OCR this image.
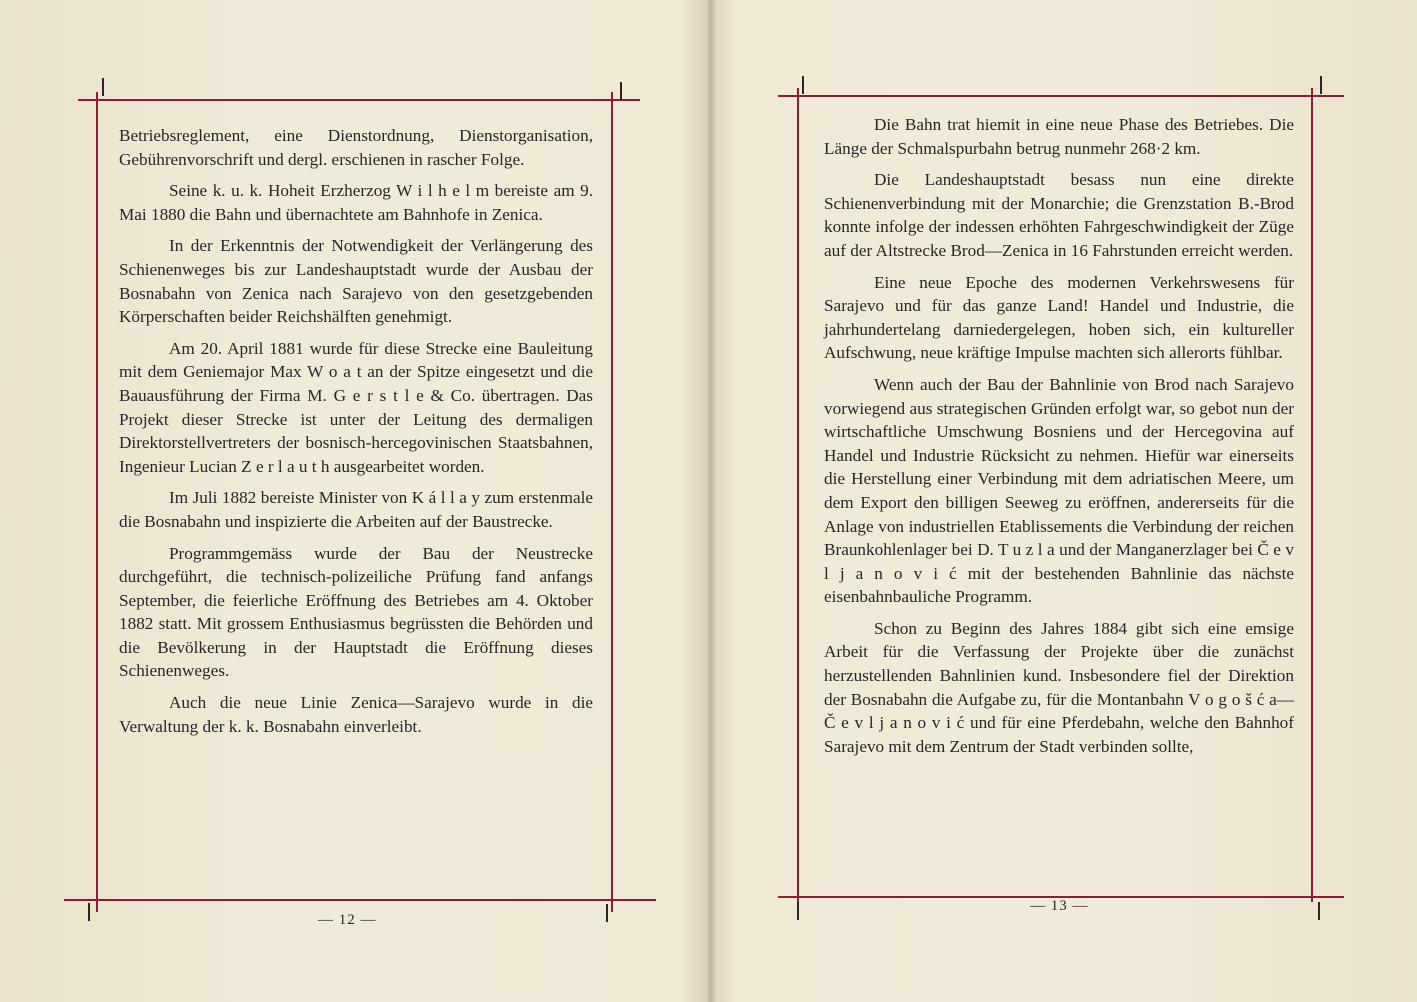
Betriebsreglement, eine Dienstordnung, Dienstorganisation, Gebührenvorschrift und dergl. erschienen in rascher Folge.

Seine k. u. k. Hoheit Erzherzog W i l h e l m bereiste am 9. Mai 1880 die Bahn und übernachtete am Bahnhofe in Zenica.

In der Erkenntnis der Notwendigkeit der Verlängerung des Schienenweges bis zur Landeshauptstadt wurde der Ausbau der Bosnabahn von Zenica nach Sarajevo von den gesetzgebenden Körperschaften beider Reichshälften genehmigt.

Am 20. April 1881 wurde für diese Strecke eine Bauleitung mit dem Geniemajor Max W o a t an der Spitze eingesetzt und die Bauausführung der Firma M. G e r s t l e & Co. übertragen. Das Projekt dieser Strecke ist unter der Leitung des dermaligen Direktorstellvertreters der bosnisch-hercegovinischen Staatsbahnen, Ingenieur Lucian Z e r l a u t h ausgearbeitet worden.

Im Juli 1882 bereiste Minister von K á l l a y zum erstenmale die Bosnabahn und inspizierte die Arbeiten auf der Baustrecke.

Programmgemäss wurde der Bau der Neustrecke durchgeführt, die technisch-polizeiliche Prüfung fand anfangs September, die feierliche Eröffnung des Betriebes am 4. Oktober 1882 statt. Mit grossem Enthusiasmus begrüssten die Behörden und die Bevölkerung in der Hauptstadt die Eröffnung dieses Schienenweges.

Auch die neue Linie Zenica—Sarajevo wurde in die Verwaltung der k. k. Bosnabahn einverleibt.

— 12 —

Die Bahn trat hiemit in eine neue Phase des Betriebes. Die Länge der Schmalspurbahn betrug nunmehr 268·2 km.

Die Landeshauptstadt besass nun eine direkte Schienenverbindung mit der Monarchie; die Grenzstation B.-Brod konnte infolge der indessen erhöhten Fahrgeschwindigkeit der Züge auf der Altstrecke Brod—Zenica in 16 Fahrstunden erreicht werden.

Eine neue Epoche des modernen Verkehrswesens für Sarajevo und für das ganze Land! Handel und Industrie, die jahrhundertelang darniedergelegen, hoben sich, ein kultureller Aufschwung, neue kräftige Impulse machten sich allerorts fühlbar.

Wenn auch der Bau der Bahnlinie von Brod nach Sarajevo vorwiegend aus strategischen Gründen erfolgt war, so gebot nun der wirtschaftliche Umschwung Bosniens und der Hercegovina auf Handel und Industrie Rücksicht zu nehmen. Hiefür war einerseits die Herstellung einer Verbindung mit dem adriatischen Meere, um dem Export den billigen Seeweg zu eröffnen, andererseits für die Anlage von industriellen Etablissements die Verbindung der reichen Braunkohlenlager bei D. T u z l a und der Manganerzlager bei Č e v l j a n o v i ć mit der bestehenden Bahnlinie das nächste eisenbahnbauliche Programm.

Schon zu Beginn des Jahres 1884 gibt sich eine emsige Arbeit für die Verfassung der Projekte über die zunächst herzustellenden Bahnlinien kund. Insbesondere fiel der Direktion der Bosnabahn die Aufgabe zu, für die Montanbahn V o g o š ć a—Č e v l j a n o v i ć und für eine Pferdebahn, welche den Bahnhof Sarajevo mit dem Zentrum der Stadt verbinden sollte,

— 13 —
